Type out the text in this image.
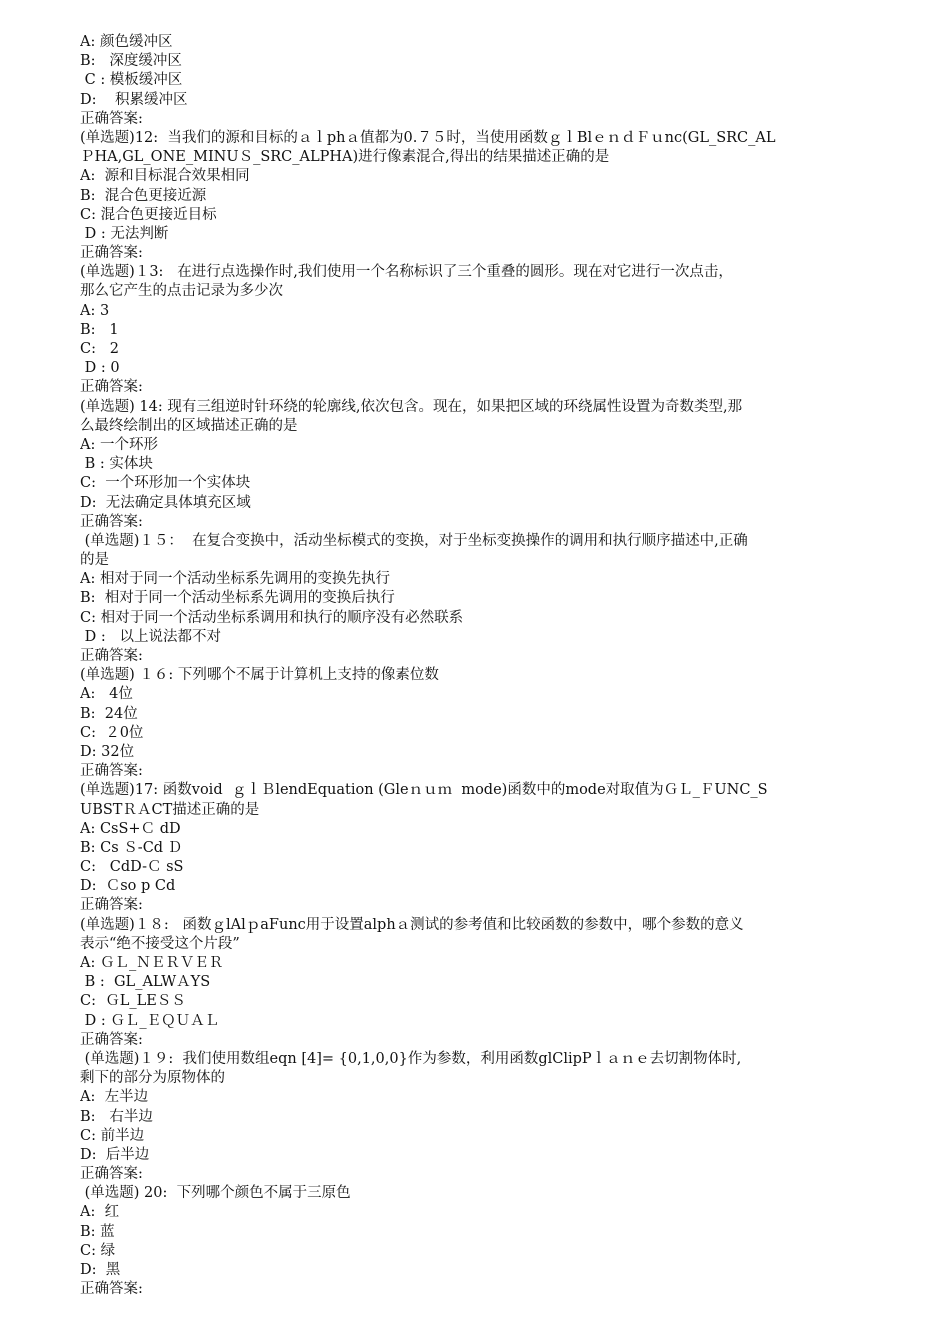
A: 颜色缓冲区
B:   深度缓冲区
C : 模板缓冲区
D:    积累缓冲区
正确答案:
(单选题)12:  当我们的源和目标的ａｌphａ值都为0.７５时，当使用函数ｇｌBlｅｎｄＦｕnc(GL_SRC_AL
ＰHA,GL_ONE_MINUＳ_SRC_ALPHA)进行像素混合,得出的结果描述正确的是
A:  源和目标混合效果相同
B:  混合色更接近源
C: 混合色更接近目标
D : 无法判断
正确答案:
(单选题)１3:   在进行点选操作时,我们使用一个名称标识了三个重叠的圆形。现在对它进行一次点击，
那么它产生的点击记录为多少次
A: 3
B:   1
C:   2
D : 0
正确答案:
(单选题) 14: 现有三组逆时针环绕的轮廓线,依次包含。现在，如果把区域的环绕属性设置为奇数类型,那
么最终绘制出的区域描述正确的是
A: 一个环形
B : 实体块
C:  一个环形加一个实体块
D:  无法确定具体填充区域
正确答案:
(单选题)１５：  在复合变换中，活动坐标模式的变换，对于坐标变换操作的调用和执行顺序描述中,正确
的是
A: 相对于同一个活动坐标系先调用的变换先执行
B:  相对于同一个活动坐标系先调用的变换后执行
C: 相对于同一个活动坐标系调用和执行的顺序没有必然联系
D :   以上说法都不对
正确答案:
(单选题) １６: 下列哪个不属于计算机上支持的像素位数
A:   4位
B:  24位
C:  ２0位
D: 32位
正确答案:
(单选题)17: 函数void  ｇｌＢlendEquation (Gleｎｕｍ  mode)函数中的mode对取值为ＧＬ_ＦUNC_S
UBSTＲＡCT描述正确的是
A: CsS+Ｃ dD
B: Cs Ｓ-Cd Ｄ
C:   CdD-Ｃ sS
D:  Ｃso p Cd
正确答案:
(单选题)１８:   函数ｇlAlｐaFunc用于设置alphａ测试的参考值和比较函数的参数中，哪个参数的意义
表示“绝不接受这个片段”
A: ＧＬ_ＮＥＲＶＥＲ
B :  GL_ALWＡYS
C:  ＧL_LEＳＳ
D : ＧＬ_ＥＱＵＡＬ
正确答案:
(单选题)１９:  我们使用数组eqn [4]= {0,1,0,0}作为参数，利用函数glClipPｌａｎｅ去切割物体时,
剩下的部分为原物体的
A:  左半边
B:   右半边
C: 前半边
D:  后半边
正确答案:
(单选题) 20:  下列哪个颜色不属于三原色
A:  红
B: 蓝
C: 绿
D:  黑
正确答案:
